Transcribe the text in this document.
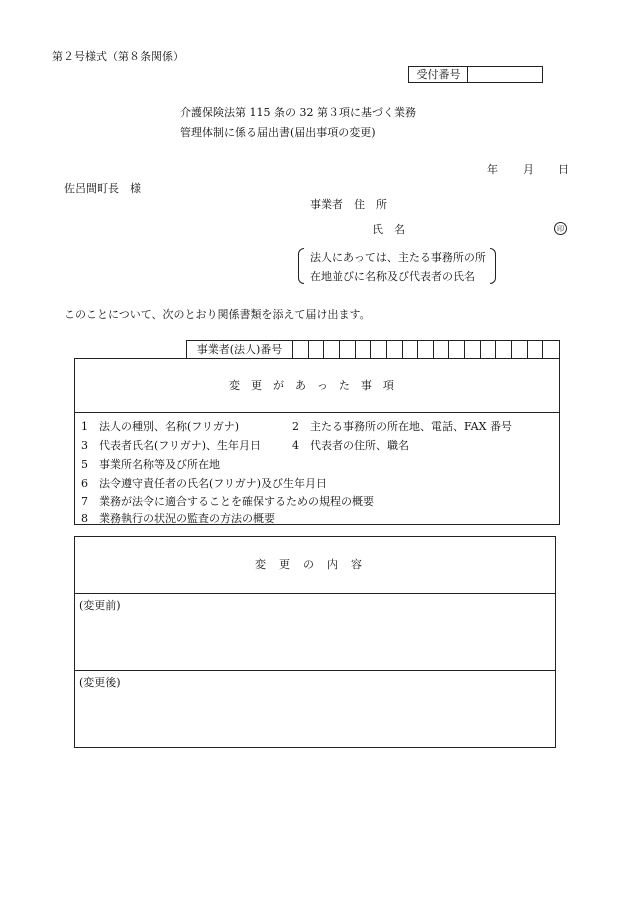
第２号様式（第８条関係）
受付番号
介護保険法第 115 条の 32 第３項に基づく業務
管理体制に係る届出書(届出事項の変更)
年 月 日
佐呂間町長　様
事業者　住　所
氏　名	印
法人にあっては、主たる事務所の所
在地並びに名称及び代表者の氏名
このことについて、次のとおり関係書類を添えて届け出ます。
事業者(法人)番号
変更があった事項
1　 法人の種別、名称(フリガナ)	2　 主たる事務所の所在地、電話、FAX 番号
3　 代表者氏名(フリガナ)、生年月日	4　 代表者の住所、職名
5　 事業所名称等及び所在地
6　 法令遵守責任者の氏名(フリガナ)及び生年月日
7　 業務が法令に適合することを確保するための規程の概要
8　 業務執行の状況の監査の方法の概要
変更の内容
(変更前)
(変更後)
